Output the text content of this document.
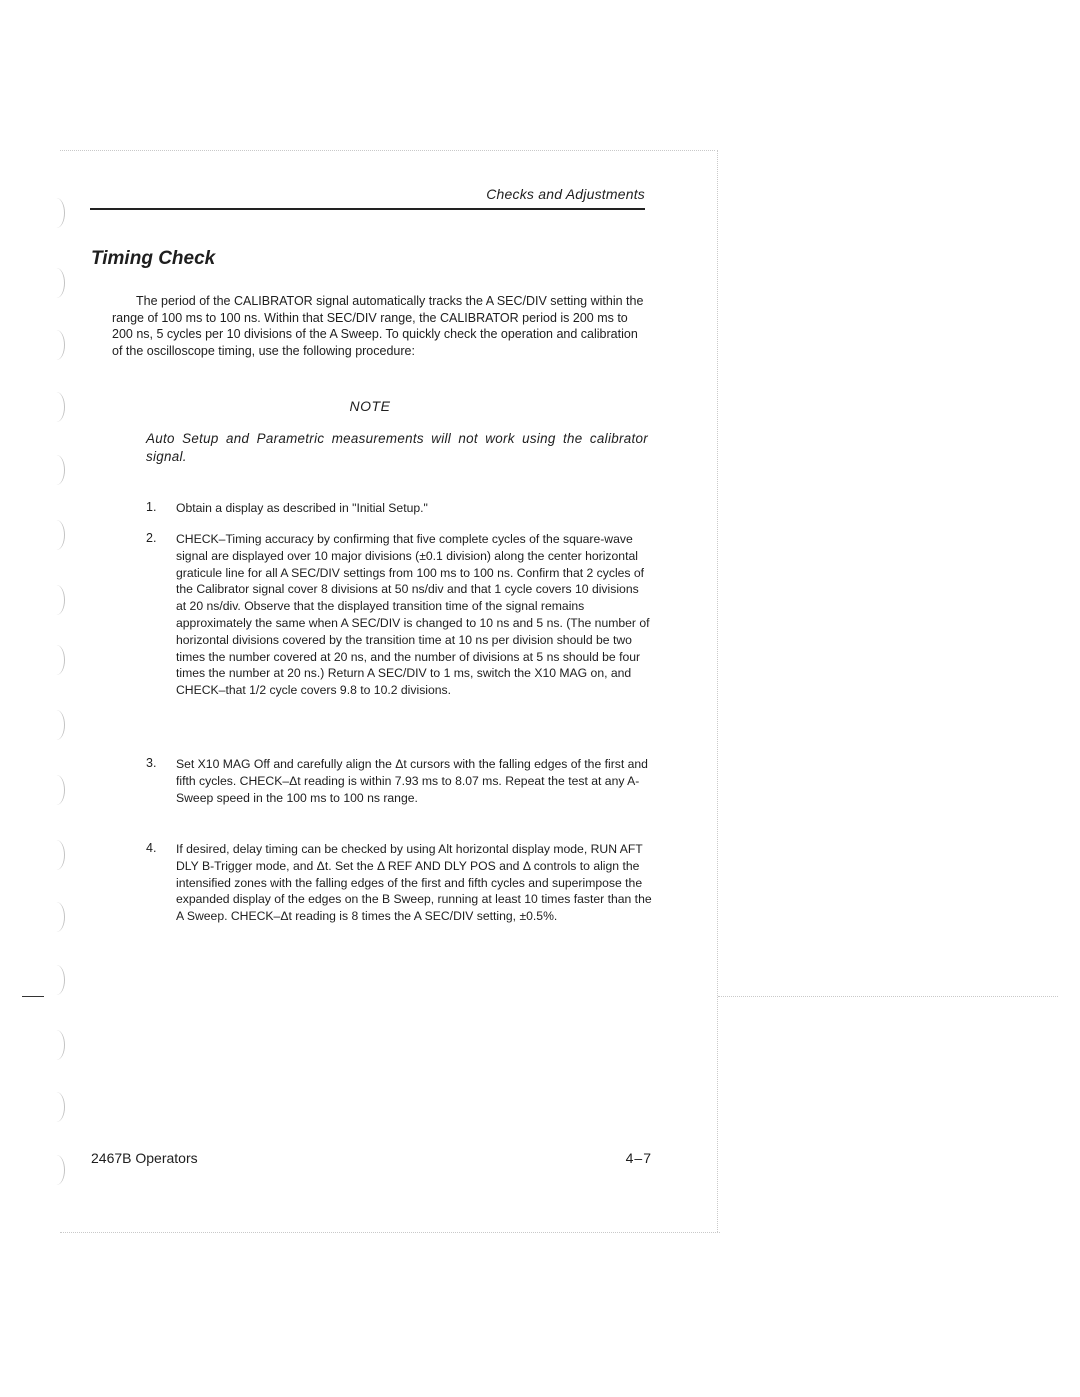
Checks and Adjustments
Timing Check
The period of the CALIBRATOR signal automatically tracks the A SEC/DIV setting within the range of 100 ms to 100 ns. Within that SEC/DIV range, the CALIBRATOR period is 200 ms to 200 ns, 5 cycles per 10 divisions of the A Sweep. To quickly check the operation and calibration of the oscilloscope timing, use the following procedure:
NOTE
Auto Setup and Parametric measurements will not work using the calibrator signal.
1. Obtain a display as described in "Initial Setup."
2. CHECK–Timing accuracy by confirming that five complete cycles of the square-wave signal are displayed over 10 major divisions (±0.1 division) along the center horizontal graticule line for all A SEC/DIV settings from 100 ms to 100 ns. Confirm that 2 cycles of the Calibrator signal cover 8 divisions at 50 ns/div and that 1 cycle covers 10 divisions at 20 ns/div. Observe that the displayed transition time of the signal remains approximately the same when A SEC/DIV is changed to 10 ns and 5 ns. (The number of horizontal divisions covered by the transition time at 10 ns per division should be two times the number covered at 20 ns, and the number of divisions at 5 ns should be four times the number at 20 ns.) Return A SEC/DIV to 1 ms, switch the X10 MAG on, and CHECK–that 1/2 cycle covers 9.8 to 10.2 divisions.
3. Set X10 MAG Off and carefully align the Δt cursors with the falling edges of the first and fifth cycles. CHECK–Δt reading is within 7.93 ms to 8.07 ms. Repeat the test at any A-Sweep speed in the 100 ms to 100 ns range.
4. If desired, delay timing can be checked by using Alt horizontal display mode, RUN AFT DLY B-Trigger mode, and Δt. Set the Δ REF AND DLY POS and Δ controls to align the intensified zones with the falling edges of the first and fifth cycles and superimpose the expanded display of the edges on the B Sweep, running at least 10 times faster than the A Sweep. CHECK–Δt reading is 8 times the A SEC/DIV setting, ±0.5%.
2467B Operators	4–7
